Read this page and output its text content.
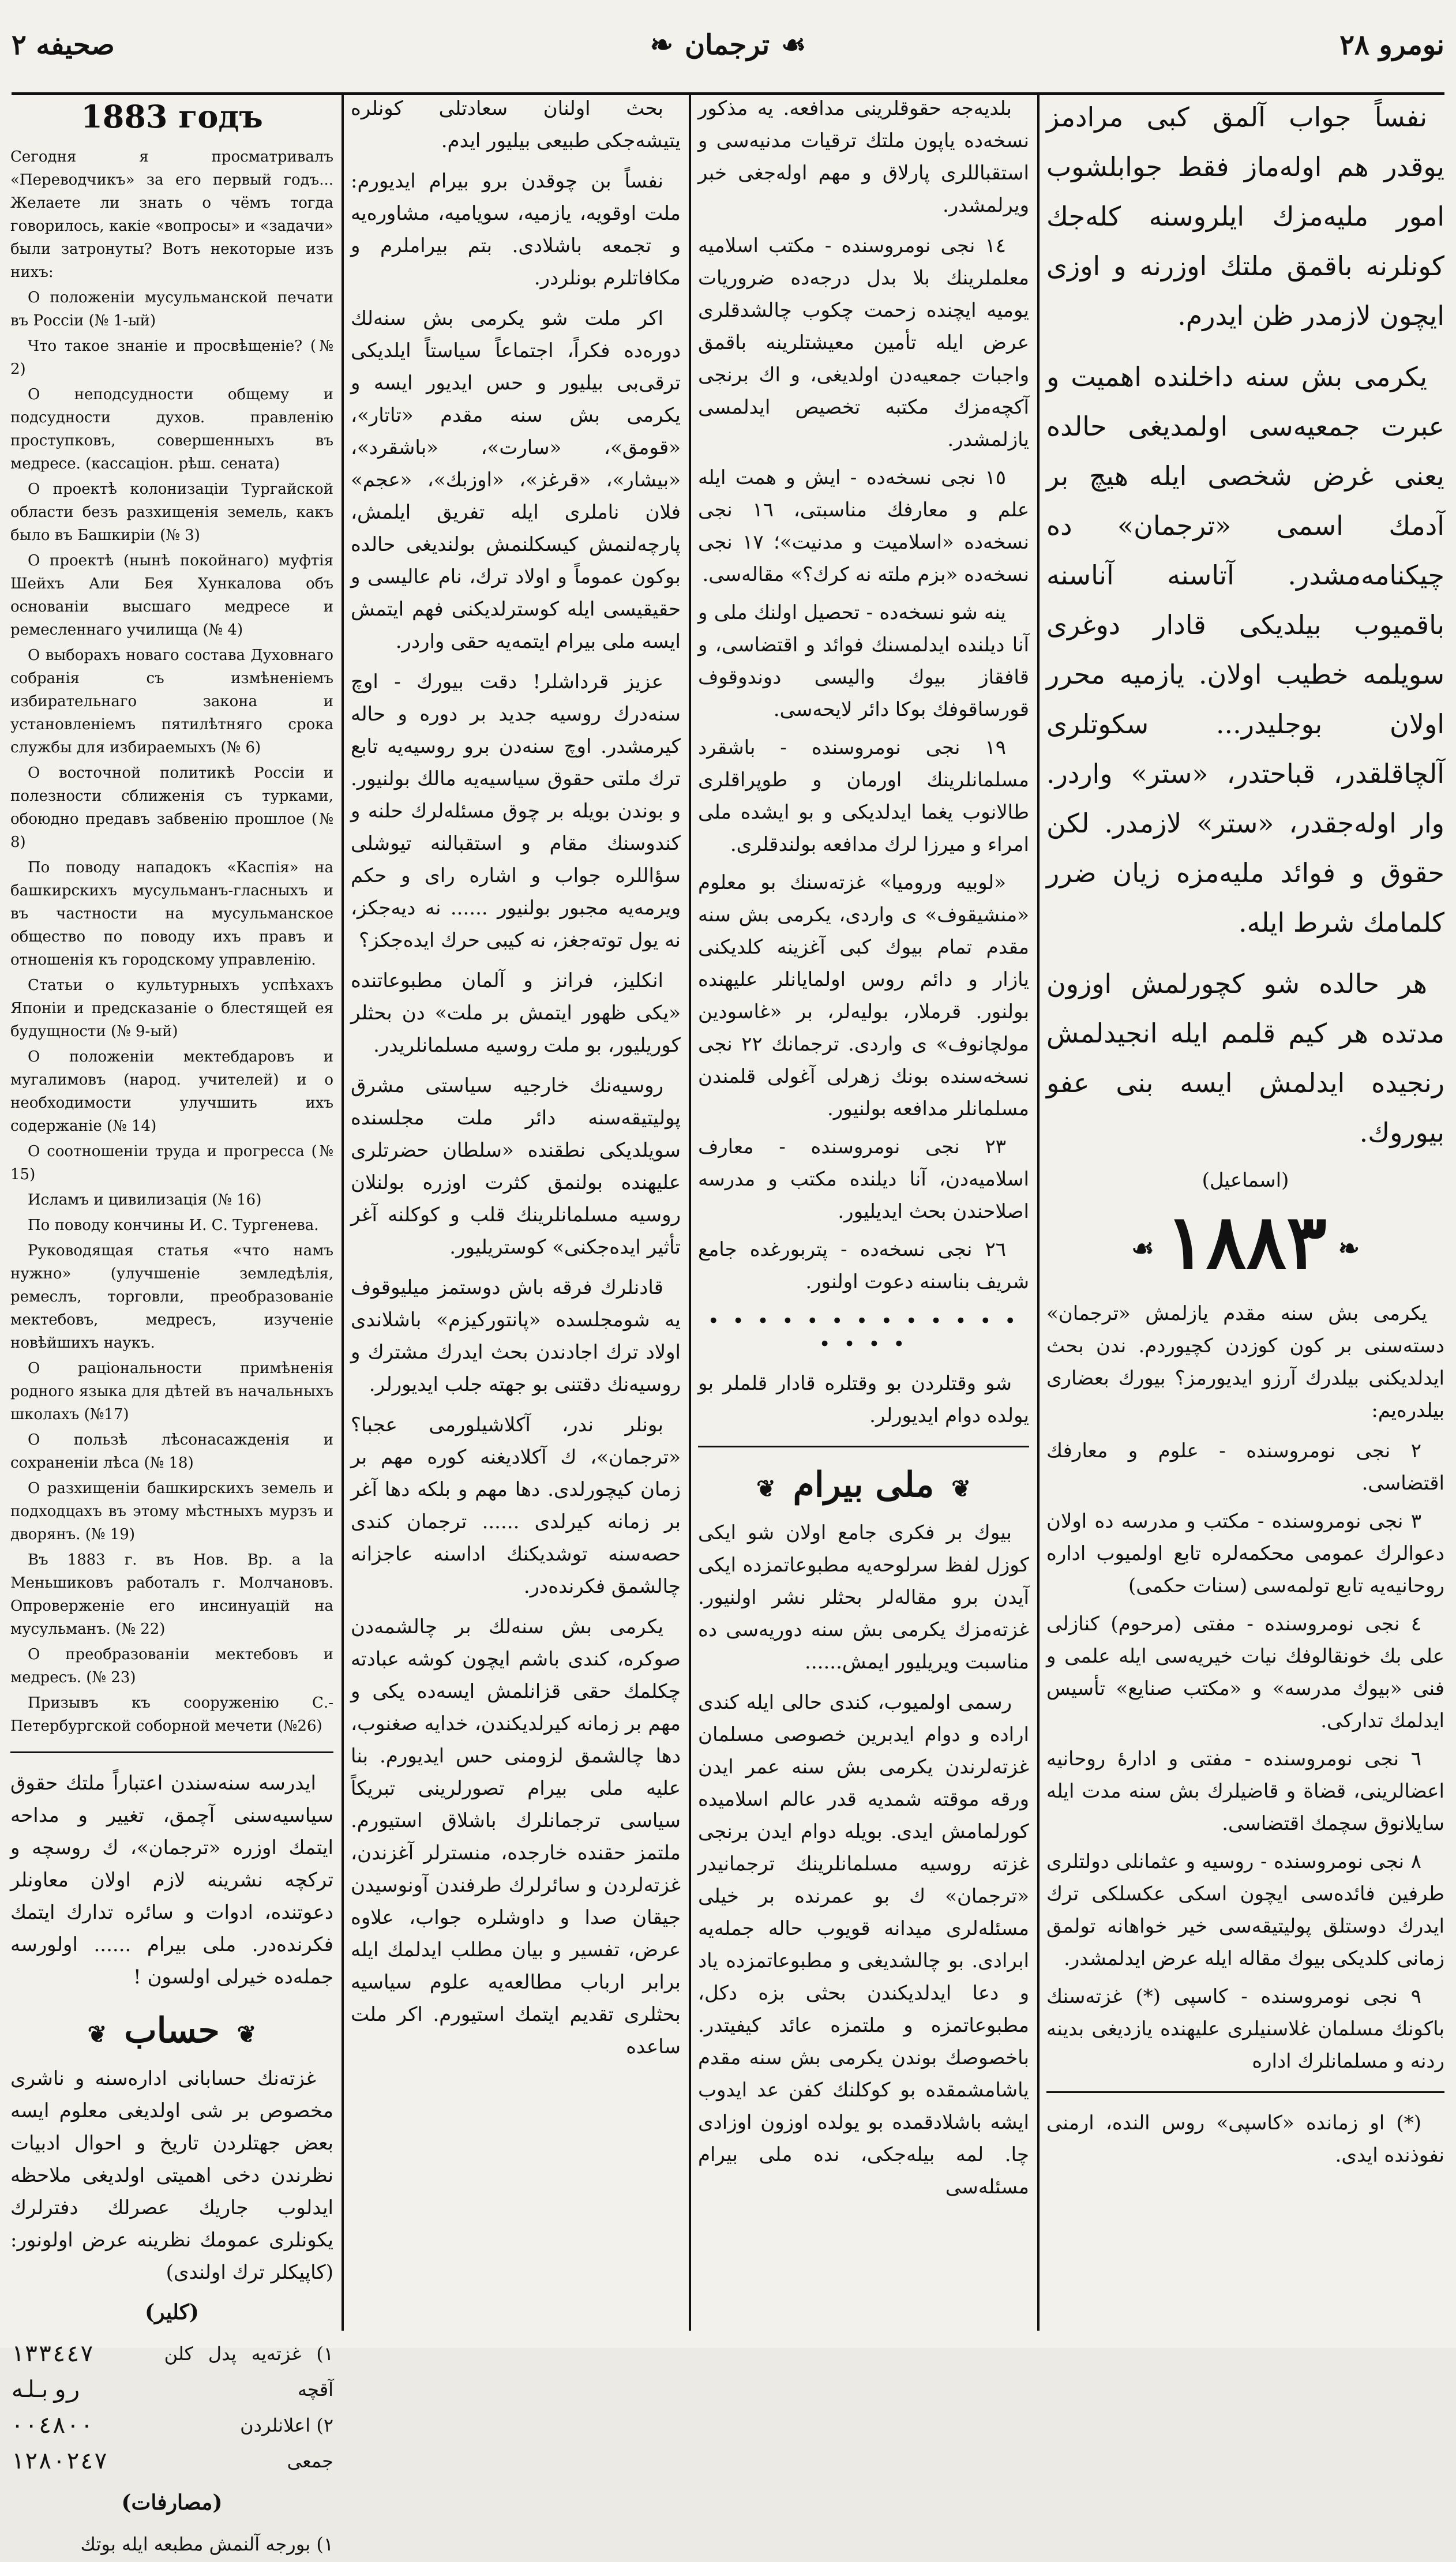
صحيفه ٢	❧ ترجمان ☙	نومرو ٢٨
1883 годъ

Сегодня я просматривалъ «Переводчикъ» за его первый годъ... Желаете ли знать о чёмъ тогда говорилось, какіе «вопросы» и «задачи» были затронуты? Вотъ некоторые изъ нихъ:

О положеніи мусульманской печати въ Россіи (№ 1-ый)

Что такое знаніе и просвѣщеніе? (№ 2)

О неподсудности общему и подсудности духов. правленію проступковъ, совершенныхъ въ медресе. (кассаціон. рѣш. сената)

О проектѣ колонизаціи Тургайской области безъ разхищенія земель, какъ было въ Башкиріи (№ 3)

О проектѣ (нынѣ покойнаго) муфтія Шейхъ Али Бея Хункалова объ основаніи высшаго медресе и ремесленнаго училища (№ 4)

О выборахъ новаго состава Духовнаго собранія съ измѣненіемъ избирательнаго закона и установленіемъ пятилѣтняго срока службы для избираемыхъ (№ 6)

О восточной политикѣ Россіи и полезности сближенія съ турками, обоюдно предавъ забвенію прошлое (№ 8)

По поводу нападокъ «Каспія» на башкирскихъ мусульманъ-гласныхъ и въ частности на мусульманское общество по поводу ихъ правъ и отношенія къ городскому управленію.

Статьи о культурныхъ успѣхахъ Японіи и предсказаніе о блестящей ея будущности (№ 9-ый)

О положеніи мектебдаровъ и мугалимовъ (народ. учителей) и о необходимости улучшить ихъ содержаніе (№ 14)

О соотношеніи труда и прогресса (№ 15)

Исламъ и цивилизація (№ 16)

По поводу кончины И. С. Тургенева.

Руководящая статья «что намъ нужно» (улучшеніе земледѣлія, ремеслъ, торговли, преобразованіе мектебовъ, медресъ, изученіе новѣйшихъ наукъ.

О раціональности примѣненія родного языка для дѣтей въ начальныхъ школахъ (№17)

О пользѣ лѣсонасажденія и сохраненіи лѣса (№ 18)

О разхищеніи башкирскихъ земель и подходцахъ въ этому мѣстныхъ мурзъ и дворянъ. (№ 19)

Въ 1883 г. въ Нов. Вр. а la Меньшиковъ работалъ г. Молчановъ. Опроверженіе его инсинуацій на мусульманъ. (№ 22)

О преобразованіи мектебовъ и медресъ. (№ 23)

Призывъ къ сооруженію С.-Петербургской соборной мечети (№26)

ايدرسه سنه‌سندن اعتباراً ملتك حقوق سياسيه‌سنى آچمق، تغيير و مداحه ايتمك اوزره «ترجمان»، ك روسچه و تركچه نشرينه لازم اولان معاونلر دعوتنده، ادوات و سائره تدارك ايتمك فكرنده‌در. ملى بيرام ...... اولورسه جمله‌ده خيرلى اولسون !

❦حساب❦

غزته‌نك حسابانى اداره‌سنه و ناشرى مخصوص بر شى اولديغى معلوم ايسه بعض جهتلردن تاريخ و احوال ادبيات نظرندن دخى اهميتى اولديغى ملاحظه ايدلوب جاريك عصرلك دفترلرك يكونلرى عمومك نظرينه عرض اولونور: (كاپيكلر ترك اولندى)

(كلير)
١) غزته‌يه پدل كلن آقچه
١٣٣٤٤٧ روبله
٢) اعلانلردن
٠٠٤٨٠٠
جمعى
١٢٨٠٢٤٧
(مصارفات)
١) بورجه آلنمش مطبعه ايله بوتك

بحث اولنان سعادتلى كونلره يتيشه‌جكى طبيعى بيليور ايدم.

نفساً بن چوقدن برو بيرام ايديورم: ملت اوقويه، يازميه، سوياميه، مشاوره‌يه و تجمعه باشلادى. بتم بيراملرم و مكافاتلرم بونلردر.

اكر ملت شو يكرمى بش سنه‌لك دوره‌ده فكراً، اجتماعاً سياستاً ايلديكى ترقى‌بى بيليور و حس ايديور ايسه و يكرمى بش سنه مقدم «تاتار»، «قومق»، «سارت»، «باشقرد»، «بيشار»، «قرغز»، «اوزبك»، «عجم» فلان ناملرى ايله تفريق ايلمش، پارچه‌لنمش كيسكلنمش بولنديغى حالده بوكون عموماً و اولاد ترك، نام عاليسى و حقيقيسى ايله كوسترلديكنى فهم ايتمش ايسه ملى بيرام ايتمه‌يه حقى واردر.

عزيز قرداشلر! دقت بيورك - اوچ سنه‌درك روسيه جديد بر دوره و حاله كيرمشدر. اوچ سنه‌دن برو روسيه‌يه تابع ترك ملتى حقوق سياسيه‌يه مالك بولنيور. و بوندن بويله بر چوق مسئله‌لرك حلنه و كندوسنك مقام و استقبالنه تيوشلى سؤاللره جواب و اشاره راى و حكم ويرمه‌يه مجبور بولنيور ...... نه ديه‌جكز، نه يول توته‌جغز، نه كيبى حرك ايده‌جكز؟

انكليز، فرانز و آلمان مطبوعاتنده «يكى ظهور ايتمش بر ملت» دن بحثلر كوريليور، بو ملت روسيه مسلمانلريدر.

روسيه‌نك خارجيه سياستى مشرق پوليتيقه‌سنه دائر ملت مجلسنده سويلديكى نطقنده «سلطان حضرتلرى عليهنده بولنمق كثرت اوزره بولنلان روسيه مسلمانلرينك قلب و كوكلنه آغر تأثير ايده‌جكنى» كوستريليور.

قادنلرك فرقه باش دوستمز ميليوقوف يه شومجلسده «پانتوركيزم» باشلاندى اولاد ترك اجادندن بحث ايدرك مشترك و روسيه‌نك دقتنى بو جهته جلب ايديورلر.

بونلر ندر، آكلاشيلورمى عجبا؟ «ترجمان»، ك آكلاديغنه كوره مهم بر زمان كيچورلدى. دها مهم و بلكه دها آغر بر زمانه كيرلدى ...... ترجمان كندى حصه‌سنه توشديكنك اداسنه عاجزانه چالشمق فكرنده‌در.

يكرمى بش سنه‌لك بر چالشمه‌دن صوكره، كندى باشم ايچون كوشه عبادته چكلمك حقى قزانلمش ايسه‌ده يكى و مهم بر زمانه كيرلديكندن، خدايه صغنوب، دها چالشمق لزومنى حس ايديورم. بنا عليه ملى بيرام تصورلرينى تبريكاً سياسى ترجمانلرك باشلاق استيورم. ملتمز حقنده خارجده، منسترلر آغزندن، غزته‌لردن و سائرلرك طرفندن آونوسيدن جيقان صدا و داوشلره جواب، علاوه عرض، تفسير و بيان مطلب ايدلمك ايله برابر ارباب مطالعه‌يه علوم سياسيه بحثلرى تقديم ايتمك استيورم. اكر ملت ساعده

بلديه‌جه حقوقلرينى مدافعه. يه مذكور نسخه‌ده ياپون ملتك ترقيات مدنيه‌سى و استقباللرى پارلاق و مهم اوله‌جغى خبر ويرلمشدر.

١٤ نجى نومروسنده - مكتب اسلاميه معلملرينك بلا بدل درجه‌ده ضروريات يوميه ايچنده زحمت چكوب چالشدقلرى عرض ايله تأمين معيشتلرينه باقمق واجبات جمعيه‌دن اولديغى، و اك برنجى آكچه‌مزك مكتبه تخصيص ايدلمسى يازلمشدر.

١٥ نجى نسخه‌ده - ايش و همت ايله علم و معارفك مناسبتى، ١٦ نجى نسخه‌ده «اسلاميت و مدنيت»؛ ١٧ نجى نسخه‌ده «بزم ملته نه كرك؟» مقاله‌سى.

ينه شو نسخه‌ده - تحصيل اولنك ملى و آنا ديلنده ايدلمسنك فوائد و اقتضاسى، و قافقاز بيوك واليسى دوندوقوف قورساقوفك بوكا دائر لايحه‌سى.

١٩ نجى نومروسنده - باشقرد مسلمانلرينك اورمان و طوپراقلرى طالانوب يغما ايدلديكى و بو ايشده ملى امراء و ميرزا لرك مدافعه بولندقلرى.

«لوبيه وروميا» غزته‌سنك بو معلوم «منشيقوف» ى واردى، يكرمى بش سنه مقدم تمام بيوك كبى آغزينه كلديكنى يازار و دائم روس اولمايانلر عليهنده بولنور. قرملار، بوليه‌لر، بر «غاسودين مولچانوف» ى واردى. ترجمانك ٢٢ نجى نسخه‌سنده بونك زهرلى آغولى قلمندن مسلمانلر مدافعه بولنيور.

٢٣ نجى نومروسنده - معارف اسلاميه‌دن، آنا ديلنده مكتب و مدرسه اصلاحندن بحث ايديليور.

٢٦ نجى نسخه‌ده - پتربورغده جامع شريف بناسنه دعوت اولنور.

• • • • • • • • • • • • • • • • •

شو وقتلردن بو وقتلره قادار قلملر بو يولده دوام ايديورلر.

❦ملى بيرام❦

بيوك بر فكرى جامع اولان شو ايكى كوزل لفظ سرلوحه‌يه مطبوعاتمزده ايكى آيدن برو مقاله‌لر بحثلر نشر اولنيور. غزته‌مزك يكرمى بش سنه دوريه‌سى ده مناسبت ويريليور ايمش......

رسمى اولميوب، كندى حالى ايله كندى اراده و دوام ايدبرين خصوصى مسلمان غزته‌لرندن يكرمى بش سنه عمر ايدن ورقه موقته شمديه قدر عالم اسلاميده كورلمامش ايدى. بويله دوام ايدن برنجى غزته روسيه مسلمانلرينك ترجمانيدر «ترجمان» ك بو عمرنده بر خيلى مسئله‌لرى ميدانه قويوب حاله جمله‌يه ابرادى. بو چالشديغى و مطبوعاتمزده ياد و دعا ايدلديكندن بحثى بزه دكل، مطبوعاتمزه و ملتمزه عائد كيفيتدر. باخصوصك بوندن يكرمى بش سنه مقدم ياشامشمقده بو كوكلنك كفن عد ايدوب ايشه باشلادقمده بو يولده اوزون اوزادى چا. لمه بيله‌جكى، نده ملى بيرام مسئله‌سى

نفساً جواب آلمق كبى مرادمز يوقدر هم اوله‌ماز فقط جوابلشوب امور مليه‌مزك ايلروسنه كله‌جك كونلرنه باقمق ملتك اوزرنه و اوزى ايچون لازمدر ظن ايدرم.

يكرمى بش سنه داخلنده اهميت و عبرت جمعيه‌سى اولمديغى حالده يعنى غرض شخصى ايله هيچ بر آدمك اسمى «ترجمان» ده چيكنامه‌مشدر. آتاسنه آناسنه باقميوب بيلديكى قادار دوغرى سويلمه خطيب اولان. يازميه محرر اولان بوجليدر... سكوتلرى آلچاقلقدر، قباحتدر، «ستر» واردر. وار اوله‌جقدر، «ستر» لازمدر. لكن حقوق و فوائد مليه‌مزه زيان ضرر كلمامك شرط ايله.

هر حالده شو كچورلمش اوزون مدتده هر كيم قلمم ايله انجيدلمش رنجيده ايدلمش ايسه بنى عفو بيوروك.

(اسماعيل)
❧١٨٨٣☙

يكرمى بش سنه مقدم يازلمش «ترجمان» دسته‌سنى بر كون كوزدن كچيوردم. ندن بحث ايدلديكنى بيلدرك آرزو ايديورمز؟ بيورك بعضارى بيلدره‌يم:

٢ نجى نومروسنده - علوم و معارفك اقتضاسى.

٣ نجى نومروسنده - مكتب و مدرسه ده اولان دعوالرك عمومى محكمه‌لره تابع اولميوب اداره روحانيه‌يه تابع تولمه‌سى (سنات حكمى)

٤ نجى نومروسنده - مفتى (مرحوم) كنازلى على بك خونقالوفك نيات خيريه‌سى ايله علمى و فنى «بيوك مدرسه» و «مكتب صنايع» تأسيس ايدلمك تداركى.

٦ نجى نومروسنده - مفتى و ادارهٔ روحانيه اعضالرينى، قضاة و قاضيلرك بش سنه مدت ايله سايلانوق سچمك اقتضاسى.

٨ نجى نومروسنده - روسيه و عثمانلى دولتلرى طرفين فائده‌سى ايچون اسكى عكسلكى ترك ايدرك دوستلق پوليتيقه‌سى خير خواهانه تولمق زمانى كلديكى بيوك مقاله ايله عرض ايدلمشدر.

٩ نجى نومروسنده - كاسپى (*) غزته‌سنك باكونك مسلمان غلاسنيلرى عليهنده يازديغى بدينه ردنه و مسلمانلرك اداره

(*) او زمانده «كاسپى» روس الندە، ارمنى نفوذنده ايدى.
